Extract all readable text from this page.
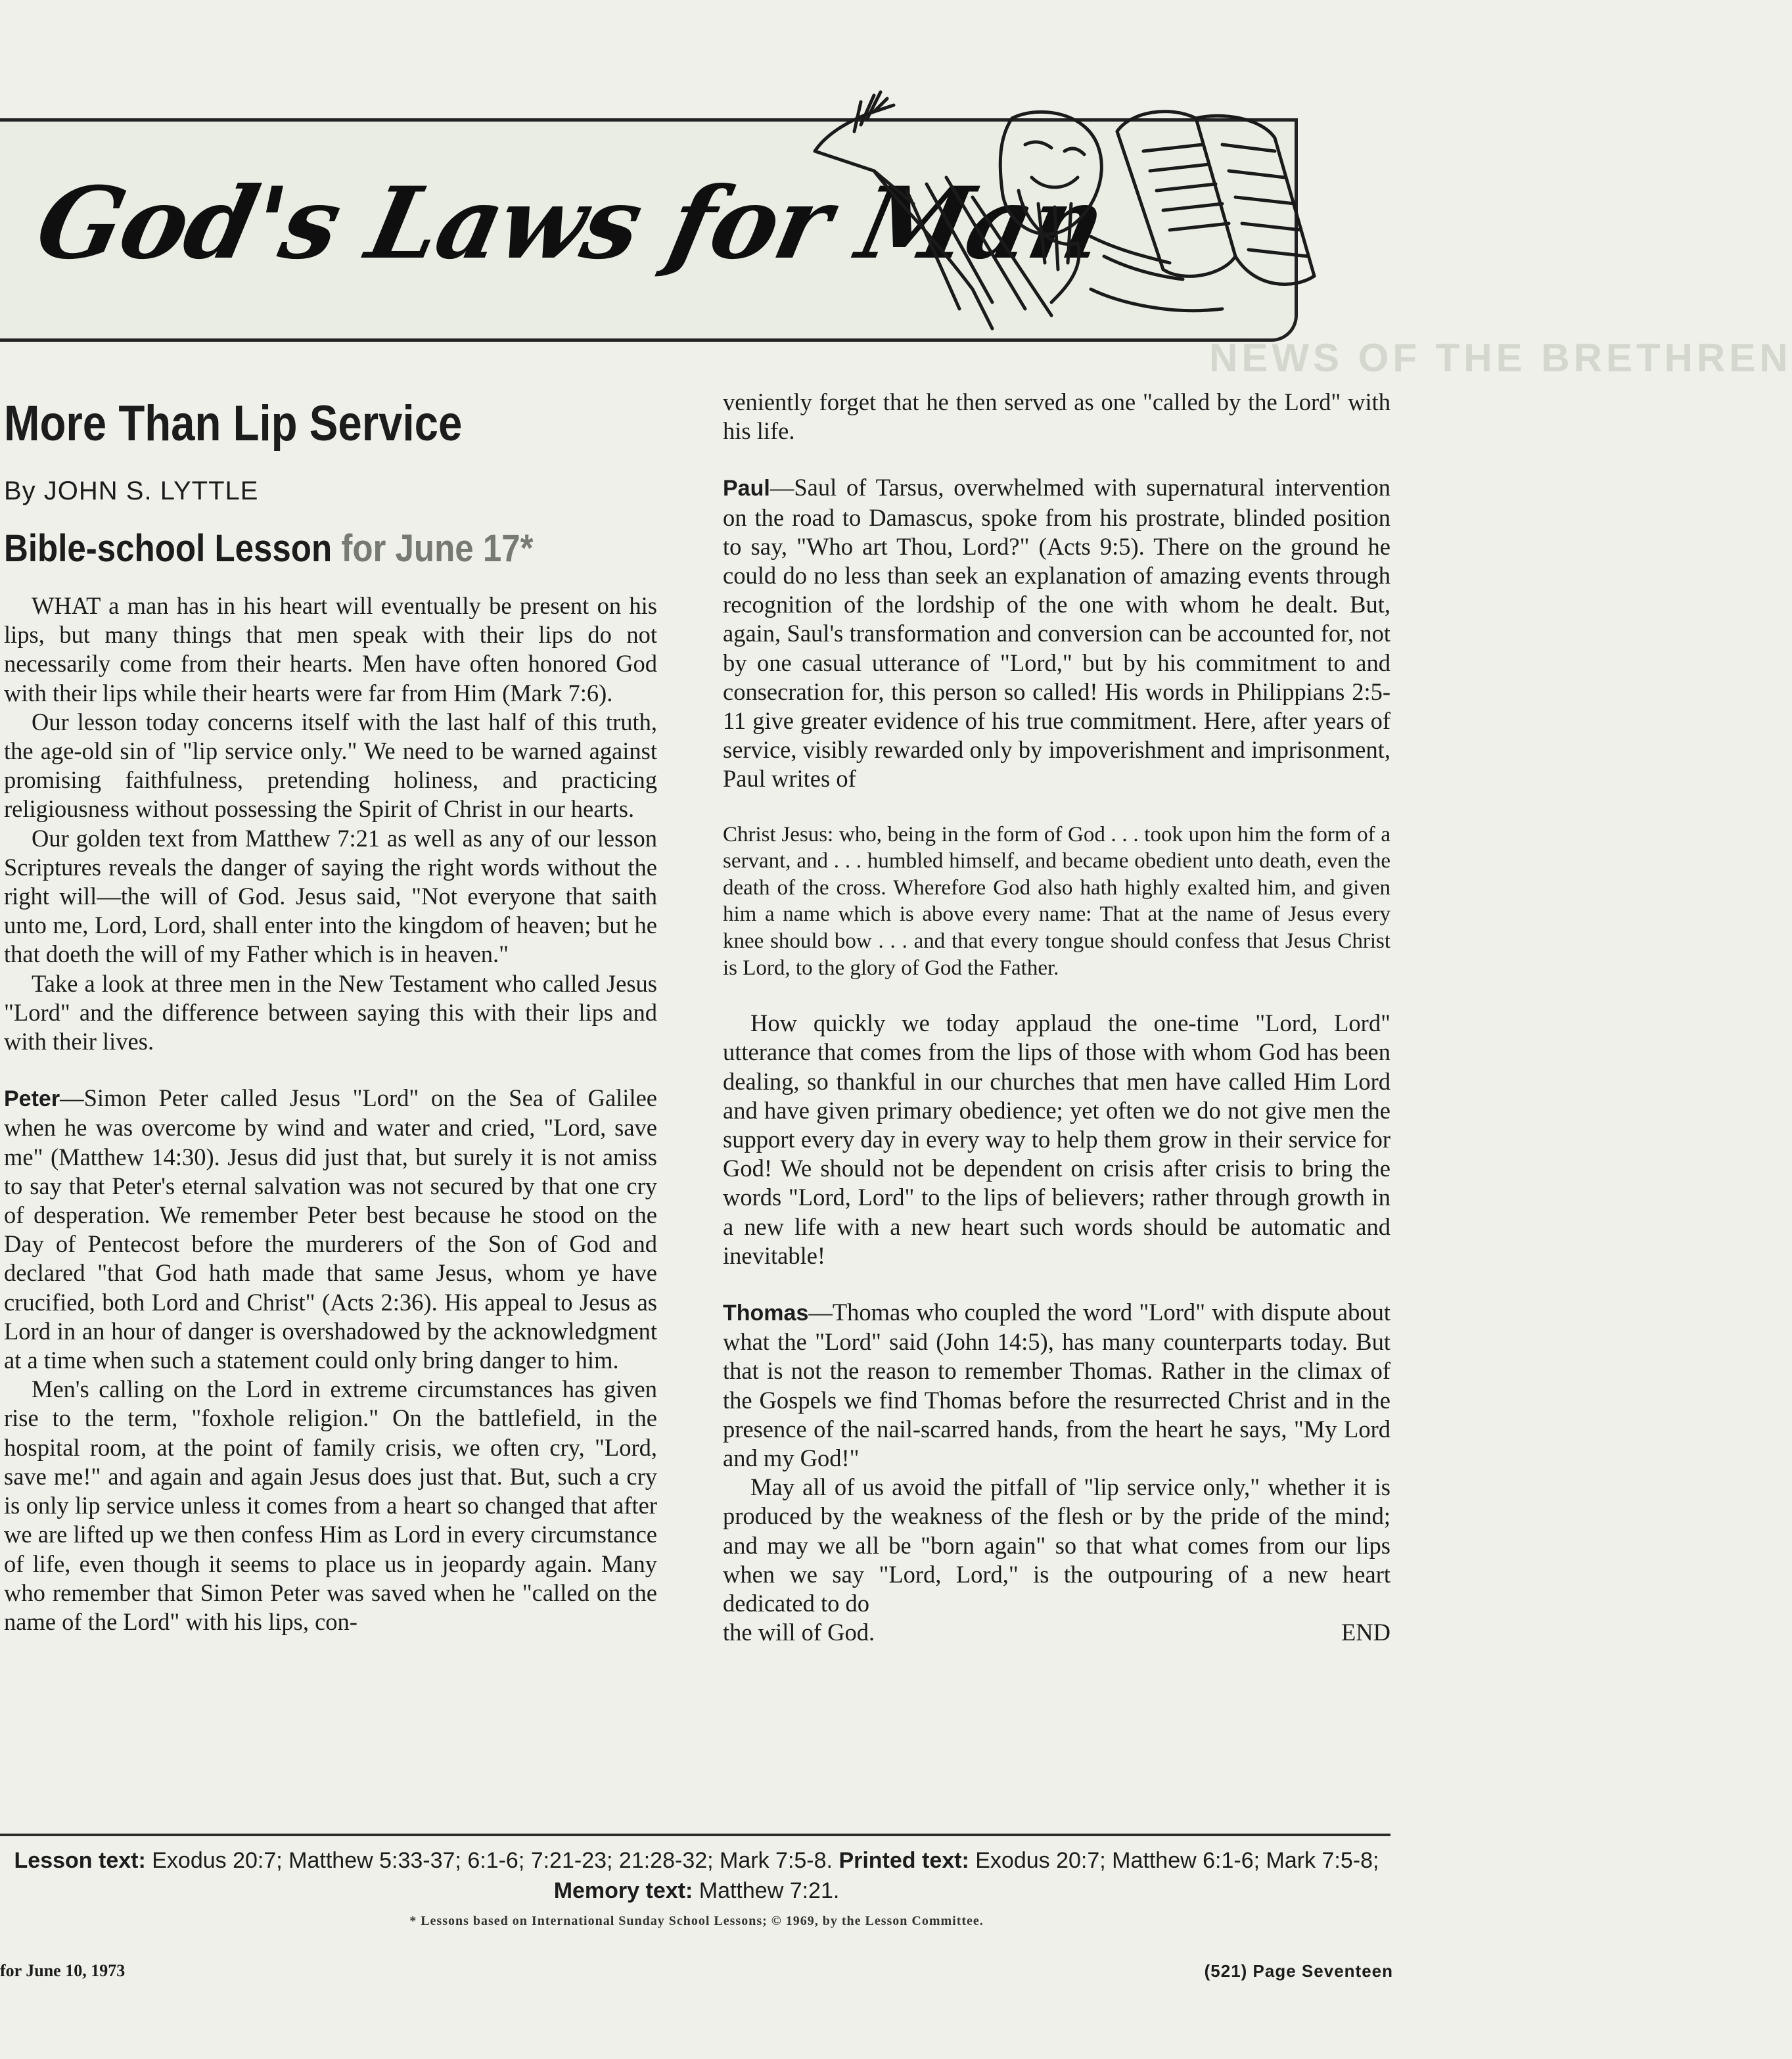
NEWS OF THE BRETHREN
God's Laws for Man
More Than Lip Service
By JOHN S. LYTTLE
Bible-school Lesson for June 17*

WHAT a man has in his heart will eventually be present on his lips, but many things that men speak with their lips do not necessarily come from their hearts. Men have often honored God with their lips while their hearts were far from Him (Mark 7:6).

Our lesson today concerns itself with the last half of this truth, the age-old sin of "lip service only." We need to be warned against promising faithfulness, pretending holiness, and practicing religiousness without possessing the Spirit of Christ in our hearts.

Our golden text from Matthew 7:21 as well as any of our lesson Scriptures reveals the danger of saying the right words without the right will—the will of God. Jesus said, "Not everyone that saith unto me, Lord, Lord, shall enter into the kingdom of heaven; but he that doeth the will of my Father which is in heaven."

Take a look at three men in the New Testament who called Jesus "Lord" and the difference between saying this with their lips and with their lives.

Peter—Simon Peter called Jesus "Lord" on the Sea of Galilee when he was overcome by wind and water and cried, "Lord, save me" (Matthew 14:30). Jesus did just that, but surely it is not amiss to say that Peter's eternal salvation was not secured by that one cry of desperation. We remember Peter best because he stood on the Day of Pentecost before the murderers of the Son of God and declared "that God hath made that same Jesus, whom ye have crucified, both Lord and Christ" (Acts 2:36). His appeal to Jesus as Lord in an hour of danger is overshadowed by the acknowledgment at a time when such a statement could only bring danger to him.

Men's calling on the Lord in extreme circumstances has given rise to the term, "foxhole religion." On the battlefield, in the hospital room, at the point of family crisis, we often cry, "Lord, save me!" and again and again Jesus does just that. But, such a cry is only lip service unless it comes from a heart so changed that after we are lifted up we then confess Him as Lord in every circumstance of life, even though it seems to place us in jeopardy again. Many who remember that Simon Peter was saved when he "called on the name of the Lord" with his lips, con-

veniently forget that he then served as one "called by the Lord" with his life.

Paul—Saul of Tarsus, overwhelmed with supernatural intervention on the road to Damascus, spoke from his prostrate, blinded position to say, "Who art Thou, Lord?" (Acts 9:5). There on the ground he could do no less than seek an explanation of amazing events through recognition of the lordship of the one with whom he dealt. But, again, Saul's transformation and conversion can be accounted for, not by one casual utterance of "Lord," but by his commitment to and consecration for, this person so called! His words in Philippians 2:5-11 give greater evidence of his true commitment. Here, after years of service, visibly rewarded only by impoverishment and imprisonment, Paul writes of

Christ Jesus: who, being in the form of God . . . took upon him the form of a servant, and . . . humbled himself, and became obedient unto death, even the death of the cross. Wherefore God also hath highly exalted him, and given him a name which is above every name: That at the name of Jesus every knee should bow . . . and that every tongue should confess that Jesus Christ is Lord, to the glory of God the Father.

How quickly we today applaud the one-time "Lord, Lord" utterance that comes from the lips of those with whom God has been dealing, so thankful in our churches that men have called Him Lord and have given primary obedience; yet often we do not give men the support every day in every way to help them grow in their service for God! We should not be dependent on crisis after crisis to bring the words "Lord, Lord" to the lips of believers; rather through growth in a new life with a new heart such words should be automatic and inevitable!

Thomas—Thomas who coupled the word "Lord" with dispute about what the "Lord" said (John 14:5), has many counterparts today. But that is not the reason to remember Thomas. Rather in the climax of the Gospels we find Thomas before the resurrected Christ and in the presence of the nail-scarred hands, from the heart he says, "My Lord and my God!"

May all of us avoid the pitfall of "lip service only," whether it is produced by the weakness of the flesh or by the pride of the mind; and may we all be "born again" so that what comes from our lips when we say "Lord, Lord," is the outpouring of a new heart dedicated to do

the will of God.	END
Lesson text: Exodus 20:7; Matthew 5:33-37; 6:1-6; 7:21-23; 21:28-32; Mark 7:5-8. Printed text: Exodus 20:7; Matthew 6:1-6; Mark 7:5-8; Memory text: Matthew 7:21.
* Lessons based on International Sunday School Lessons; © 1969, by the Lesson Committee.
for June 10, 1973	(521) Page Seventeen
